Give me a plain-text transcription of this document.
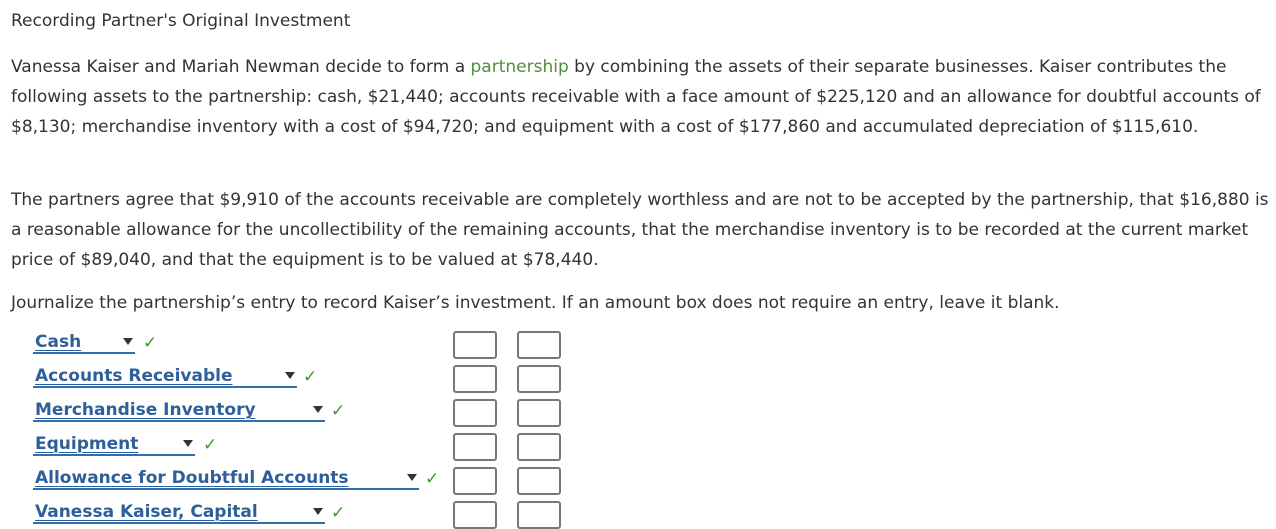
Recording Partner's Original Investment

Vanessa Kaiser and Mariah Newman decide to form a partnership by combining the assets of their separate businesses. Kaiser contributes the following assets to the partnership: cash, $21,440; accounts receivable with a face amount of $225,120 and an allowance for doubtful accounts of $8,130; merchandise inventory with a cost of $94,720; and equipment with a cost of $177,860 and accumulated depreciation of $115,610.

The partners agree that $9,910 of the accounts receivable are completely worthless and are not to be accepted by the partnership, that $16,880 is a reasonable allowance for the uncollectibility of the remaining accounts, that the merchandise inventory is to be recorded at the current market price of $89,040, and that the equipment is to be valued at $78,440.

Journalize the partnership’s entry to record Kaiser’s investment. If an amount box does not require an entry, leave it blank.

Cash	✓
Accounts Receivable	✓
Merchandise Inventory	✓
Equipment	✓
Allowance for Doubtful Accounts	✓
Vanessa Kaiser, Capital	✓
